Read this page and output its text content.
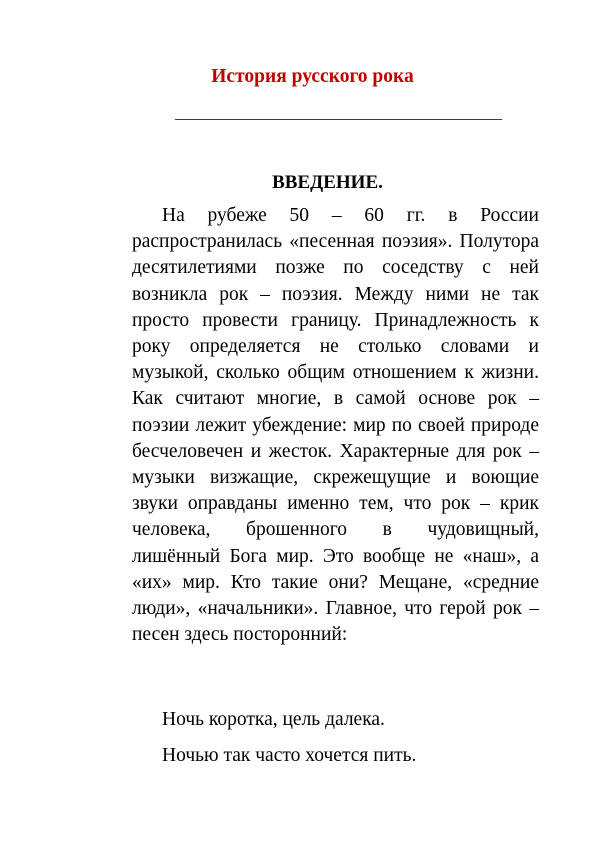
История русского рока
ВВЕДЕНИЕ.

На рубеже 50 – 60 гг. в России распространилась «песенная поэзия». Полутора десятилетиями позже по соседству с ней возникла рок – поэзия. Между ними не так просто провести границу. Принадлежность к року определяется не столько словами и музыкой, сколько общим отношением к жизни. Как считают многие, в самой основе рок – поэзии лежит убеждение: мир по своей природе бесчеловечен и жесток. Характерные для рок – музыки визжащие, скрежещущие и воющие звуки оправданы именно тем, что рок – крик человека, брошенного в чудовищный, лишённый Бога мир. Это вообще не «наш», а «их» мир. Кто такие они? Мещане, «средние люди», «начальники». Главное, что герой рок – песен здесь посторонний:

Ночь коротка, цель далека.

Ночью так часто хочется пить.
